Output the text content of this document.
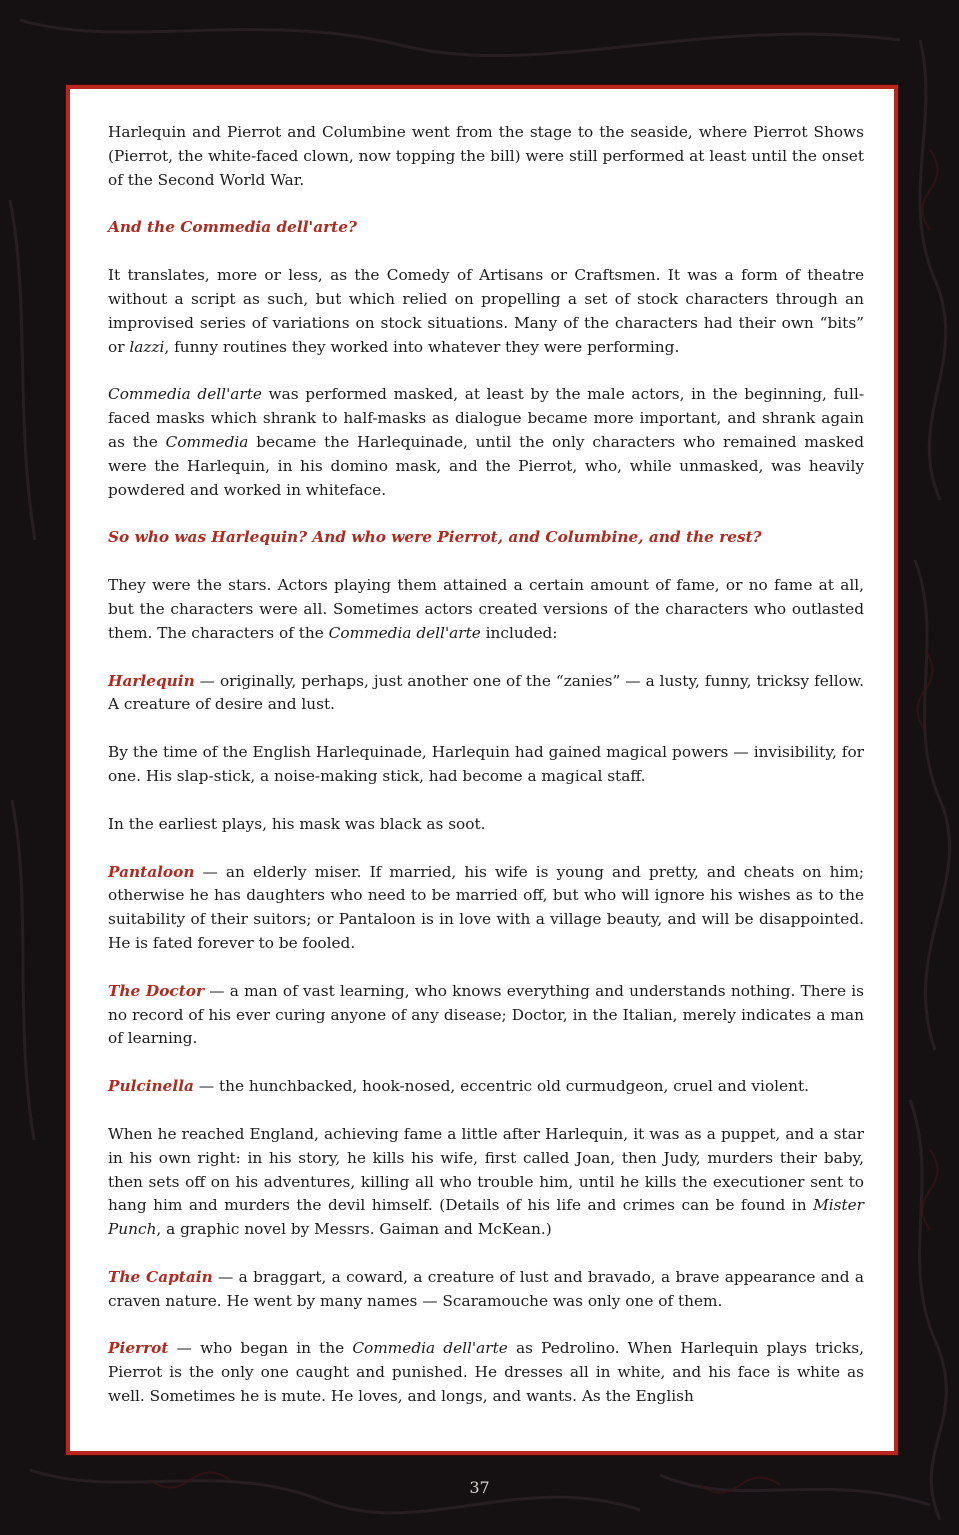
Harlequin and Pierrot and Columbine went from the stage to the seaside, where Pierrot Shows (Pierrot, the white-faced clown, now topping the bill) were still performed at least until the onset of the Second World War.

And the Commedia dell'arte?

It translates, more or less, as the Comedy of Artisans or Craftsmen. It was a form of theatre without a script as such, but which relied on propelling a set of stock characters through an improvised series of variations on stock situations. Many of the characters had their own “bits” or lazzi, funny routines they worked into whatever they were performing.

Commedia dell'arte was performed masked, at least by the male actors, in the beginning, full-faced masks which shrank to half-masks as dialogue became more important, and shrank again as the Commedia became the Harlequinade, until the only characters who remained masked were the Harlequin, in his domino mask, and the Pierrot, who, while unmasked, was heavily powdered and worked in whiteface.

So who was Harlequin? And who were Pierrot, and Columbine, and the rest?

They were the stars. Actors playing them attained a certain amount of fame, or no fame at all, but the characters were all. Sometimes actors created versions of the characters who outlasted them. The characters of the Commedia dell'arte included:

Harlequin — originally, perhaps, just another one of the “zanies” — a lusty, funny, tricksy fellow. A creature of desire and lust.

By the time of the English Harlequinade, Harlequin had gained magical powers — invisibility, for one. His slap-stick, a noise-making stick, had become a magical staff.

In the earliest plays, his mask was black as soot.

Pantaloon — an elderly miser. If married, his wife is young and pretty, and cheats on him; otherwise he has daughters who need to be married off, but who will ignore his wishes as to the suitability of their suitors; or Pantaloon is in love with a village beauty, and will be disappointed. He is fated forever to be fooled.

The Doctor — a man of vast learning, who knows everything and understands nothing. There is no record of his ever curing anyone of any disease; Doctor, in the Italian, merely indicates a man of learning.

Pulcinella — the hunchbacked, hook-nosed, eccentric old curmudgeon, cruel and violent.

When he reached England, achieving fame a little after Harlequin, it was as a puppet, and a star in his own right: in his story, he kills his wife, first called Joan, then Judy, murders their baby, then sets off on his adventures, killing all who trouble him, until he kills the executioner sent to hang him and murders the devil himself. (Details of his life and crimes can be found in Mister Punch, a graphic novel by Messrs. Gaiman and McKean.)

The Captain — a braggart, a coward, a creature of lust and bravado, a brave appearance and a craven nature. He went by many names — Scaramouche was only one of them.

Pierrot — who began in the Commedia dell'arte as Pedrolino. When Harlequin plays tricks, Pierrot is the only one caught and punished. He dresses all in white, and his face is white as well. Sometimes he is mute. He loves, and longs, and wants. As the English

37
